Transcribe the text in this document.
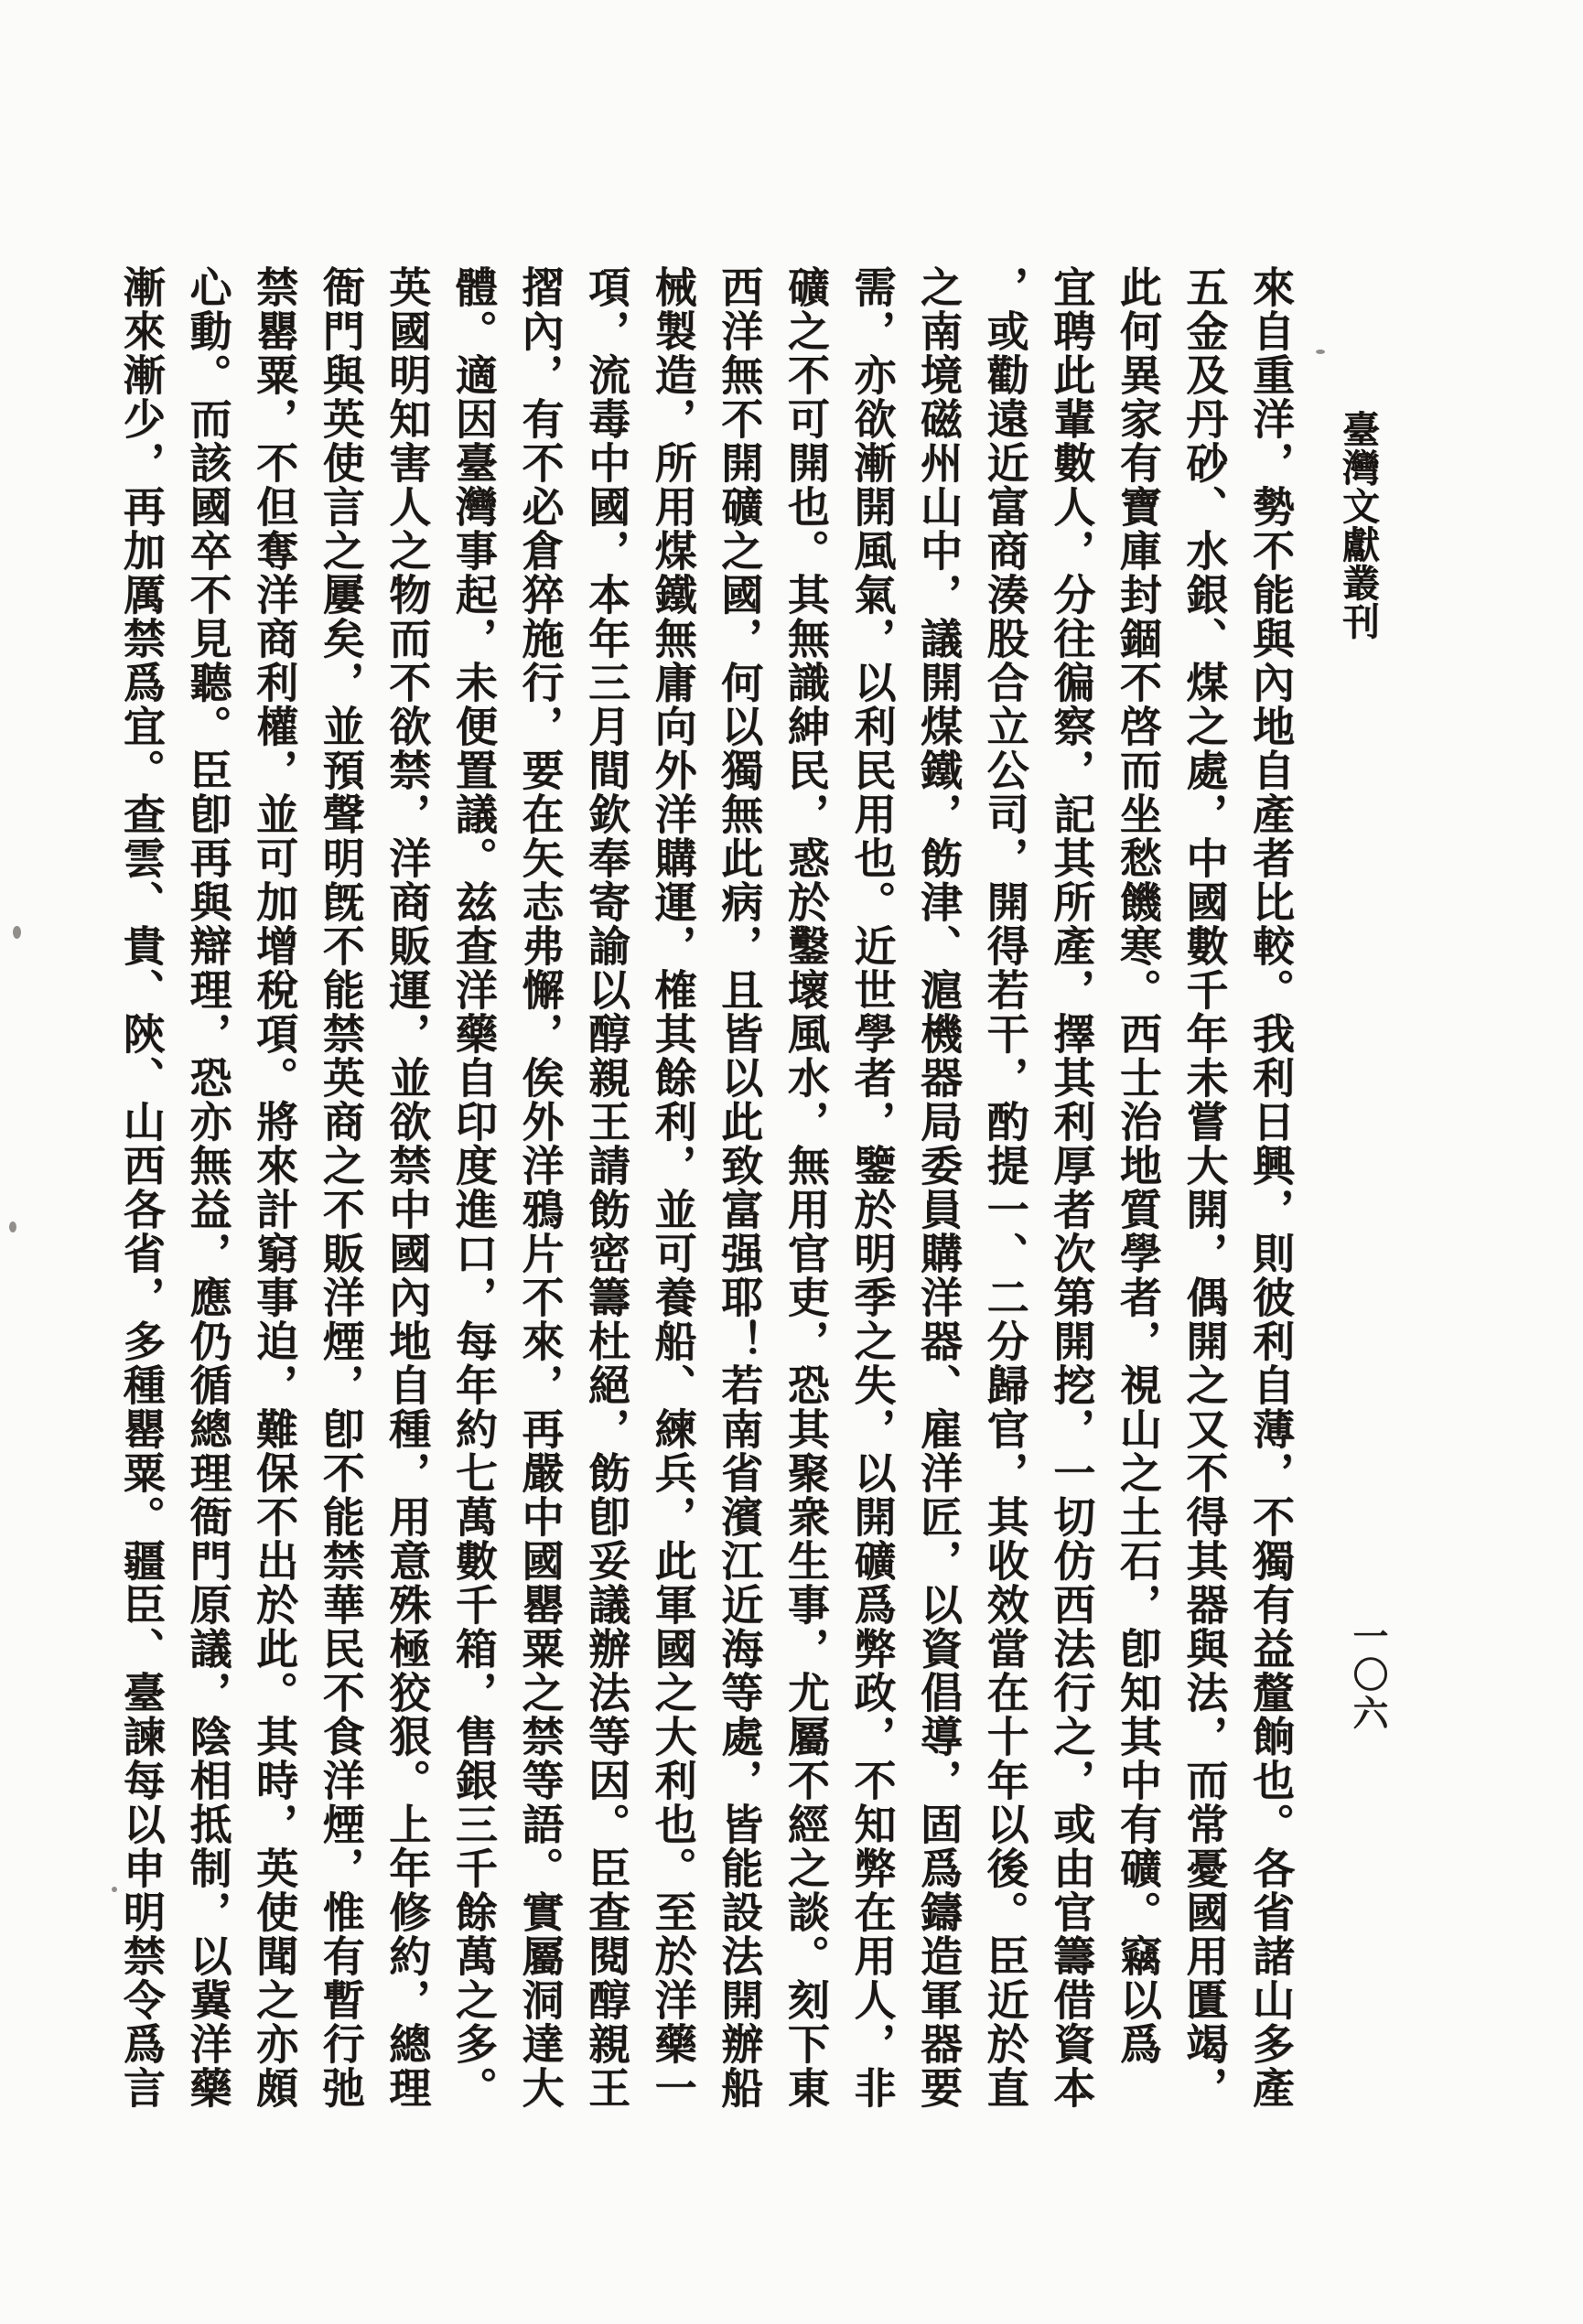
臺灣文獻叢刊
一〇六
來自重洋，勢不能與內地自產者比較。我利日興，則彼利自薄，不獨有益釐餉也。各省諸山多產
五金及丹砂、水銀、煤之處，中國數千年未嘗大開，偶開之又不得其器與法，而常憂國用匱竭，
此何異家有寶庫封錮不啓而坐愁饑寒。西士治地質學者，視山之土石，卽知其中有礦。竊以爲
宜聘此輩數人，分往徧察，記其所產，擇其利厚者次第開挖，一切仿西法行之，或由官籌借資本
，或勸遠近富商湊股合立公司，開得若干，酌提一、二分歸官，其收效當在十年以後。臣近於直
之南境磁州山中，議開煤鐵，飭津、滬機器局委員購洋器、雇洋匠，以資倡導，固爲鑄造軍器要
需，亦欲漸開風氣，以利民用也。近世學者，鑒於明季之失，以開礦爲弊政，不知弊在用人，非
礦之不可開也。其無識紳民，惑於鑿壞風水，無用官吏，恐其聚衆生事，尤屬不經之談。刻下東
西洋無不開礦之國，何以獨無此病，且皆以此致富强耶！若南省濱江近海等處，皆能設法開辦船
械製造，所用煤鐵無庸向外洋購運，榷其餘利，並可養船、練兵，此軍國之大利也。至於洋藥一
項，流毒中國，本年三月間欽奉寄諭以醇親王請飭密籌杜絕，飭卽妥議辦法等因。臣查閱醇親王
摺內，有不必倉猝施行，要在矢志弗懈，俟外洋鴉片不來，再嚴中國罌粟之禁等語。實屬洞達大
體。適因臺灣事起，未便置議。兹查洋藥自印度進口，每年約七萬數千箱，售銀三千餘萬之多。
英國明知害人之物而不欲禁，洋商販運，並欲禁中國內地自種，用意殊極狡狠。上年修約，總理
衙門與英使言之屢矣，並預聲明旣不能禁英商之不販洋煙，卽不能禁華民不食洋煙，惟有暫行弛
禁罌粟，不但奪洋商利權，並可加增稅項。將來計窮事迫，難保不出於此。其時，英使聞之亦頗
心動。而該國卒不見聽。臣卽再與辯理，恐亦無益，應仍循總理衙門原議，陰相抵制，以冀洋藥
漸來漸少，再加厲禁爲宜。查雲、貴、陝、山西各省，多種罌粟。疆臣、臺諫每以申明禁令爲言
